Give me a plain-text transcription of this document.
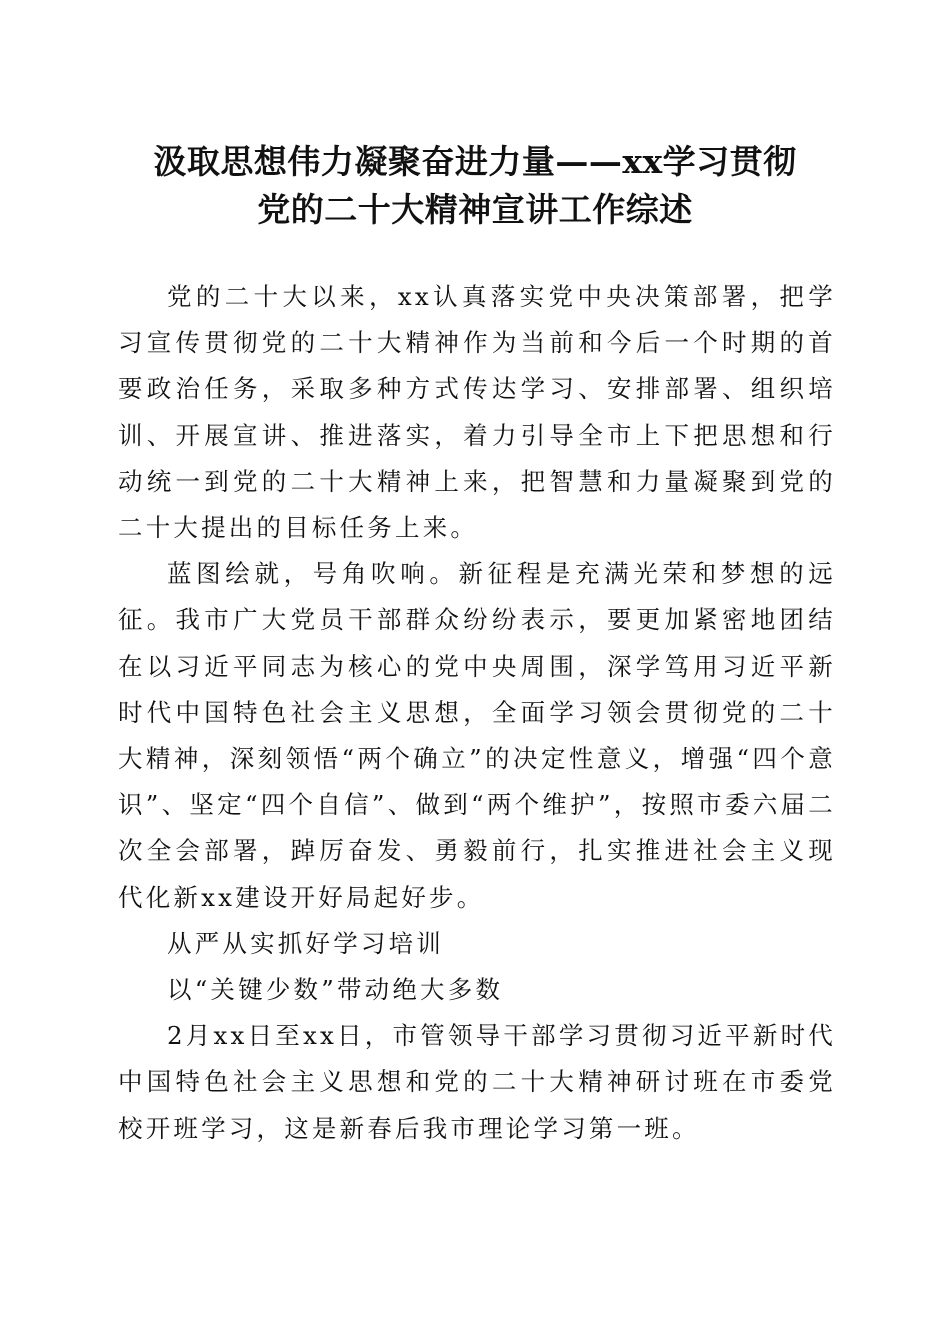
汲取思想伟力凝聚奋进力量——xx学习贯彻
党的二十大精神宣讲工作综述

党的二十大以来，xx认真落实党中央决策部署，把学习宣传贯彻党的二十大精神作为当前和今后一个时期的首要政治任务，采取多种方式传达学习、安排部署、组织培训、开展宣讲、推进落实，着力引导全市上下把思想和行动统一到党的二十大精神上来，把智慧和力量凝聚到党的二十大提出的目标任务上来。

蓝图绘就，号角吹响。新征程是充满光荣和梦想的远征。我市广大党员干部群众纷纷表示，要更加紧密地团结在以习近平同志为核心的党中央周围，深学笃用习近平新时代中国特色社会主义思想，全面学习领会贯彻党的二十大精神，深刻领悟“两个确立”的决定性意义，增强“四个意识”、坚定“四个自信”、做到“两个维护”，按照市委六届二次全会部署，踔厉奋发、勇毅前行，扎实推进社会主义现代化新xx建设开好局起好步。

从严从实抓好学习培训

以“关键少数”带动绝大多数

2月xx日至xx日，市管领导干部学习贯彻习近平新时代中国特色社会主义思想和党的二十大精神研讨班在市委党校开班学习，这是新春后我市理论学习第一班。
